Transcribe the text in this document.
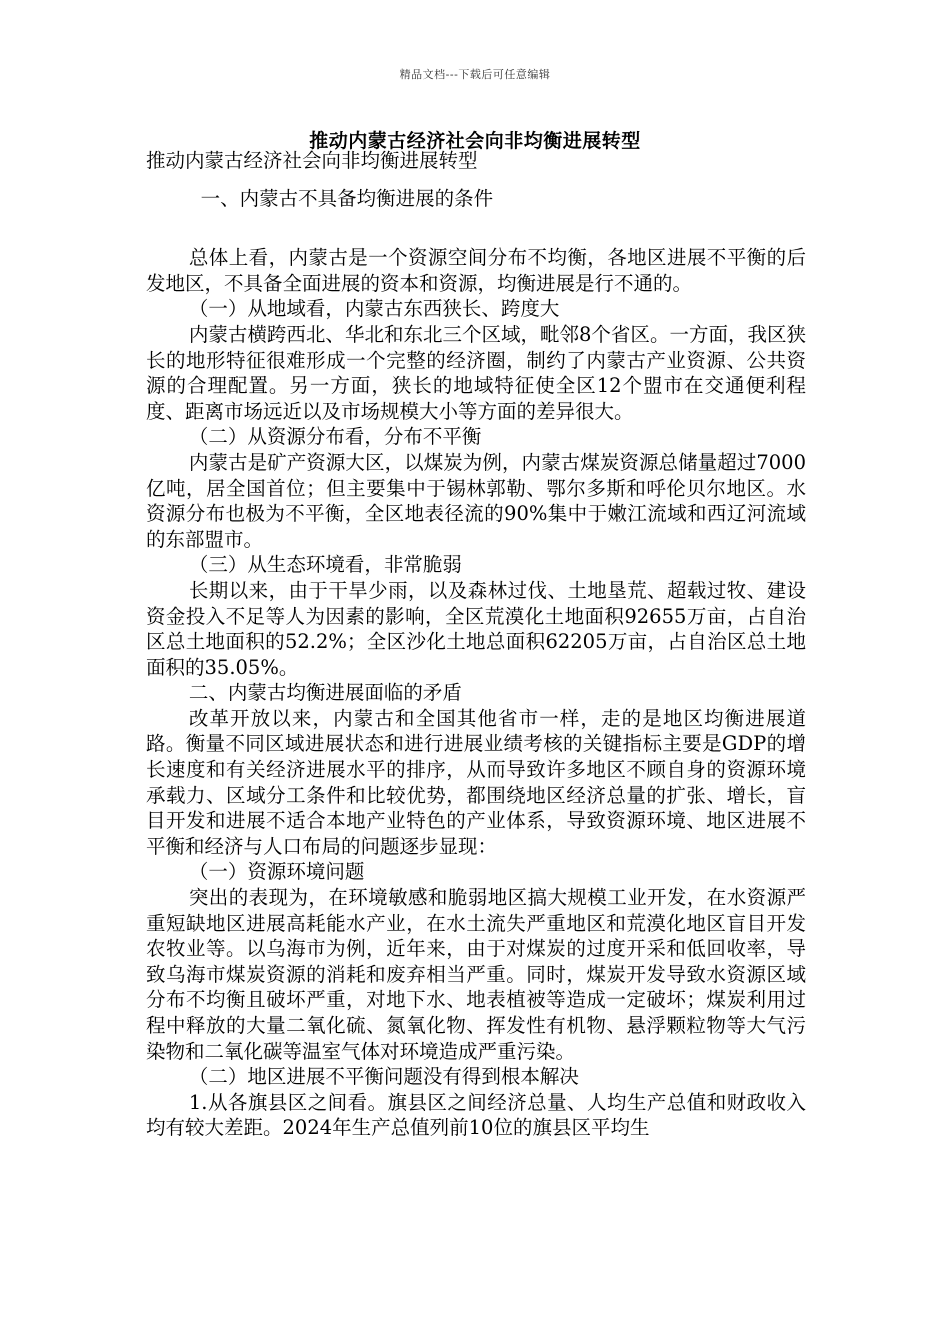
精品文档---下载后可任意编辑
推动内蒙古经济社会向非均衡进展转型

推动内蒙古经济社会向非均衡进展转型

一、内蒙古不具备均衡进展的条件

总体上看，内蒙古是一个资源空间分布不均衡，各地区进展不平衡的后发地区，不具备全面进展的资本和资源，均衡进展是行不通的。

（一）从地域看，内蒙古东西狭长、跨度大

内蒙古横跨西北、华北和东北三个区域，毗邻8个省区。一方面，我区狭长的地形特征很难形成一个完整的经济圈，制约了内蒙古产业资源、公共资源的合理配置。另一方面，狭长的地域特征使全区12个盟市在交通便利程度、距离市场远近以及市场规模大小等方面的差异很大。

（二）从资源分布看，分布不平衡

内蒙古是矿产资源大区，以煤炭为例，内蒙古煤炭资源总储量超过7000亿吨，居全国首位；但主要集中于锡林郭勒、鄂尔多斯和呼伦贝尔地区。水资源分布也极为不平衡，全区地表径流的90%集中于嫩江流域和西辽河流域的东部盟市。

（三）从生态环境看，非常脆弱

长期以来，由于干旱少雨，以及森林过伐、土地垦荒、超载过牧、建设资金投入不足等人为因素的影响，全区荒漠化土地面积92655万亩，占自治区总土地面积的52.2%；全区沙化土地总面积62205万亩，占自治区总土地面积的35.05%。

二、内蒙古均衡进展面临的矛盾

改革开放以来，内蒙古和全国其他省市一样，走的是地区均衡进展道路。衡量不同区域进展状态和进行进展业绩考核的关键指标主要是GDP的增长速度和有关经济进展水平的排序，从而导致许多地区不顾自身的资源环境承载力、区域分工条件和比较优势，都围绕地区经济总量的扩张、增长，盲目开发和进展不适合本地产业特色的产业体系，导致资源环境、地区进展不平衡和经济与人口布局的问题逐步显现：

（一）资源环境问题

突出的表现为，在环境敏感和脆弱地区搞大规模工业开发，在水资源严重短缺地区进展高耗能水产业，在水土流失严重地区和荒漠化地区盲目开发农牧业等。以乌海市为例，近年来，由于对煤炭的过度开采和低回收率，导致乌海市煤炭资源的消耗和废弃相当严重。同时，煤炭开发导致水资源区域分布不均衡且破坏严重，对地下水、地表植被等造成一定破坏；煤炭利用过程中释放的大量二氧化硫、氮氧化物、挥发性有机物、悬浮颗粒物等大气污染物和二氧化碳等温室气体对环境造成严重污染。

（二）地区进展不平衡问题没有得到根本解决

1.从各旗县区之间看。旗县区之间经济总量、人均生产总值和财政收入均有较大差距。2024年生产总值列前10位的旗县区平均生
